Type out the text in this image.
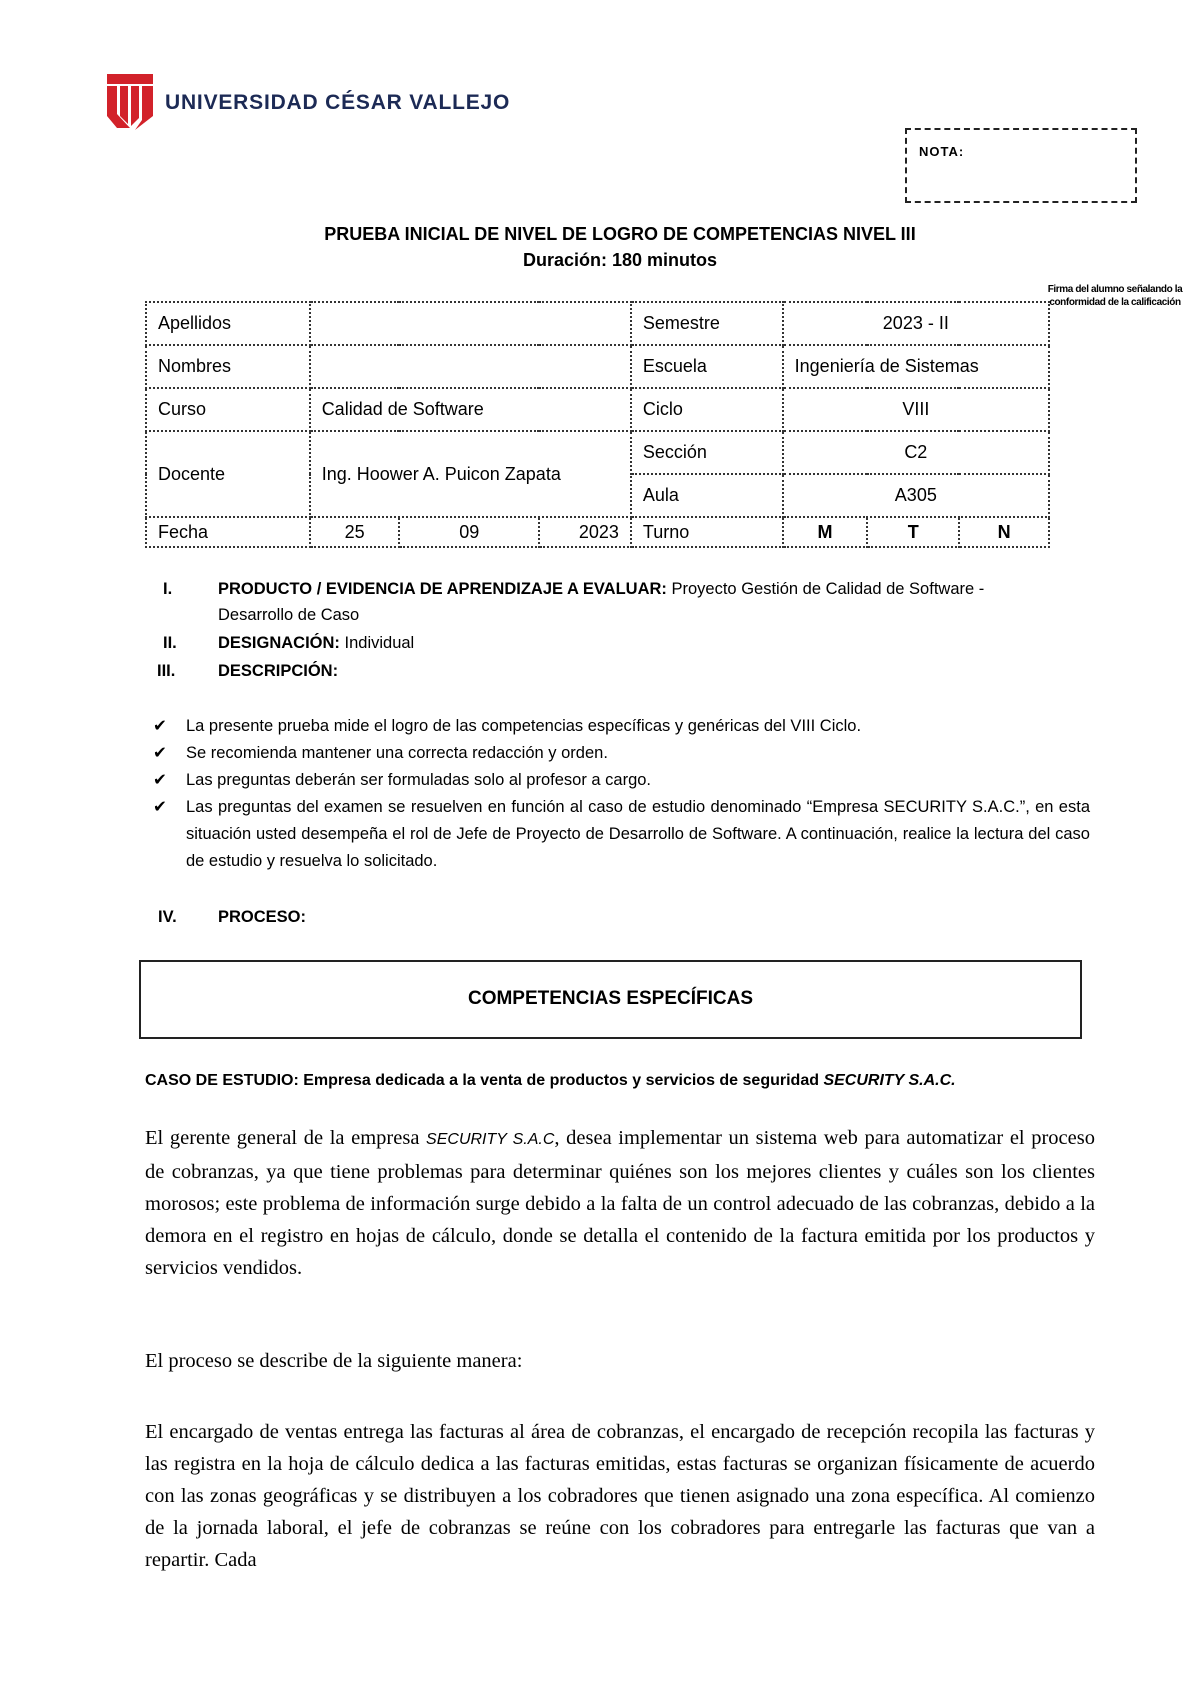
UNIVERSIDAD CÉSAR VALLEJO
NOTA:
Firma del alumno señalando la conformidad de la calificación
PRUEBA INICIAL DE NIVEL DE LOGRO DE COMPETENCIAS NIVEL III
Duración: 180 minutos
Apellidos				Semestre	2023 - II		
Nombres				Escuela	Ingeniería de Sistemas		
Curso	Calidad de Software			Ciclo	VIII		
Docente	Ing. Hoower A. Puicon Zapata			Sección	C2		
				Aula	A305		
Fecha	25	09	2023	Turno	M	T	N
I.	PRODUCTO / EVIDENCIA DE APRENDIZAJE A EVALUAR: Proyecto Gestión de Calidad de Software - Desarrollo de Caso
II. DESIGNACIÓN: Individual
III.	DESCRIPCIÓN:
✔ La presente prueba mide el logro de las competencias específicas y genéricas del VIII Ciclo.
✔ Se recomienda mantener una correcta redacción y orden.
✔ Las preguntas deberán ser formuladas solo al profesor a cargo.
✔ Las preguntas del examen se resuelven en función al caso de estudio denominado “Empresa SECURITY S.A.C.”, en esta situación usted desempeña el rol de Jefe de Proyecto de Desarrollo de Software. A continuación, realice la lectura del caso de estudio y resuelva lo solicitado.
IV.	PROCESO:
COMPETENCIAS ESPECÍFICAS
CASO DE ESTUDIO: Empresa dedicada a la venta de productos y servicios de seguridad SECURITY S.A.C.
El gerente general de la empresa SECURITY S.A.C, desea implementar un sistema web para automatizar el proceso de cobranzas, ya que tiene problemas para determinar quiénes son los mejores clientes y cuáles son los clientes morosos; este problema de información surge debido a la falta de un control adecuado de las cobranzas, debido a la demora en el registro en hojas de cálculo, donde se detalla el contenido de la factura emitida por los productos y servicios vendidos.
El proceso se describe de la siguiente manera:
El encargado de ventas entrega las facturas al área de cobranzas, el encargado de recepción recopila las facturas y las registra en la hoja de cálculo dedica a las facturas emitidas, estas facturas se organizan físicamente de acuerdo con las zonas geográficas y se distribuyen a los cobradores que tienen asignado una zona específica. Al comienzo de la jornada laboral, el jefe de cobranzas se reúne con los cobradores para entregarle las facturas que van a repartir. Cada
